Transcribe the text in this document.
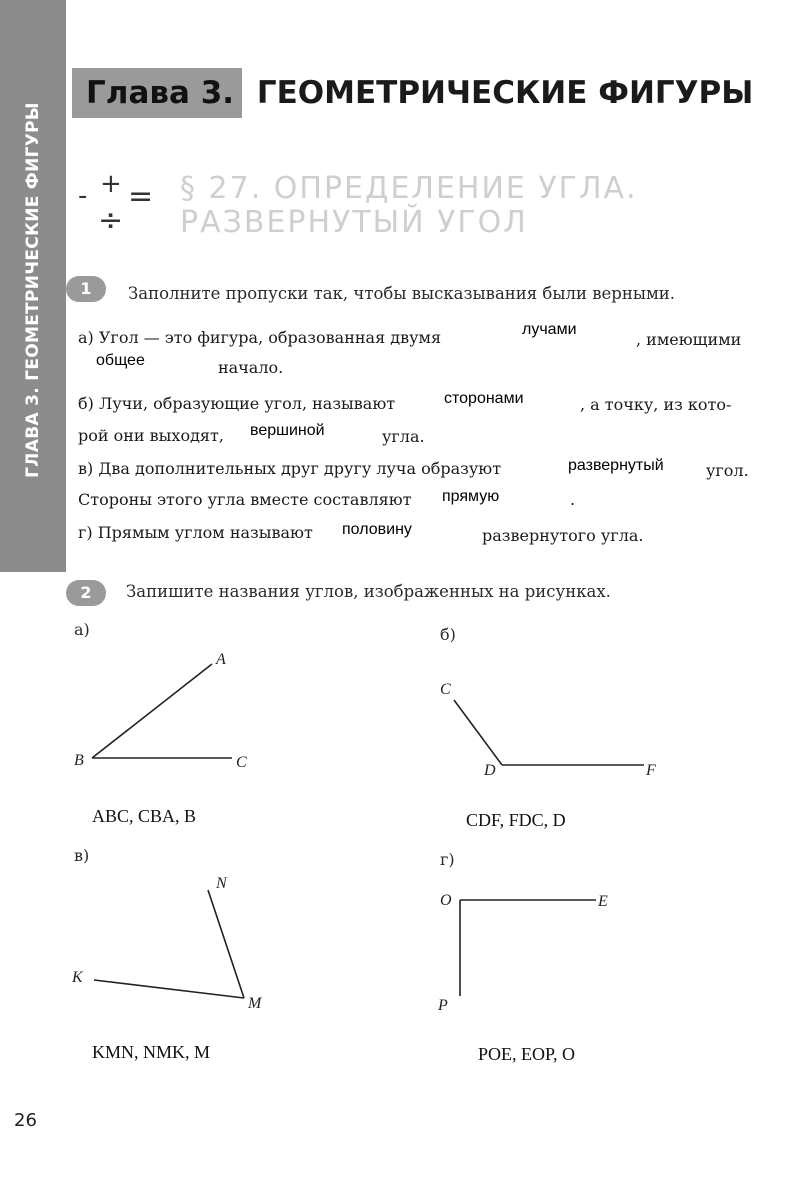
ГЛАВА 3. ГЕОМЕТРИЧЕСКИЕ ФИГУРЫ
Глава 3. ГЕОМЕТРИЧЕСКИЕ ФИГУРЫ
- + =
÷
§ 27. ОПРЕДЕЛЕНИЕ УГЛА.
РАЗВЕРНУТЫЙ УГОЛ
1	Заполните пропуски так, чтобы высказывания были верными.
а) Угол — это фигура, образованная двумя	лучами
, имеющими
общее	начало.
б) Лучи, образующие угол, называют	сторонами	, а точку, из кото-
рой они выходят, вершиной	угла.
в) Два дополнительных друг другу луча образуют	развернутый	угол.
Стороны этого угла вместе составляют прямую	.
г) Прямым углом называют половину	развернутого угла.
2	Запишите названия углов, изображенных на рисунках.
а)
A
B	C
ABC, CBA, B
б)
C
D	F
CDF, FDC, D
в)
N
K
M
KMN, NMK, M
г)
O	E
P
POE, EOP, O
26
